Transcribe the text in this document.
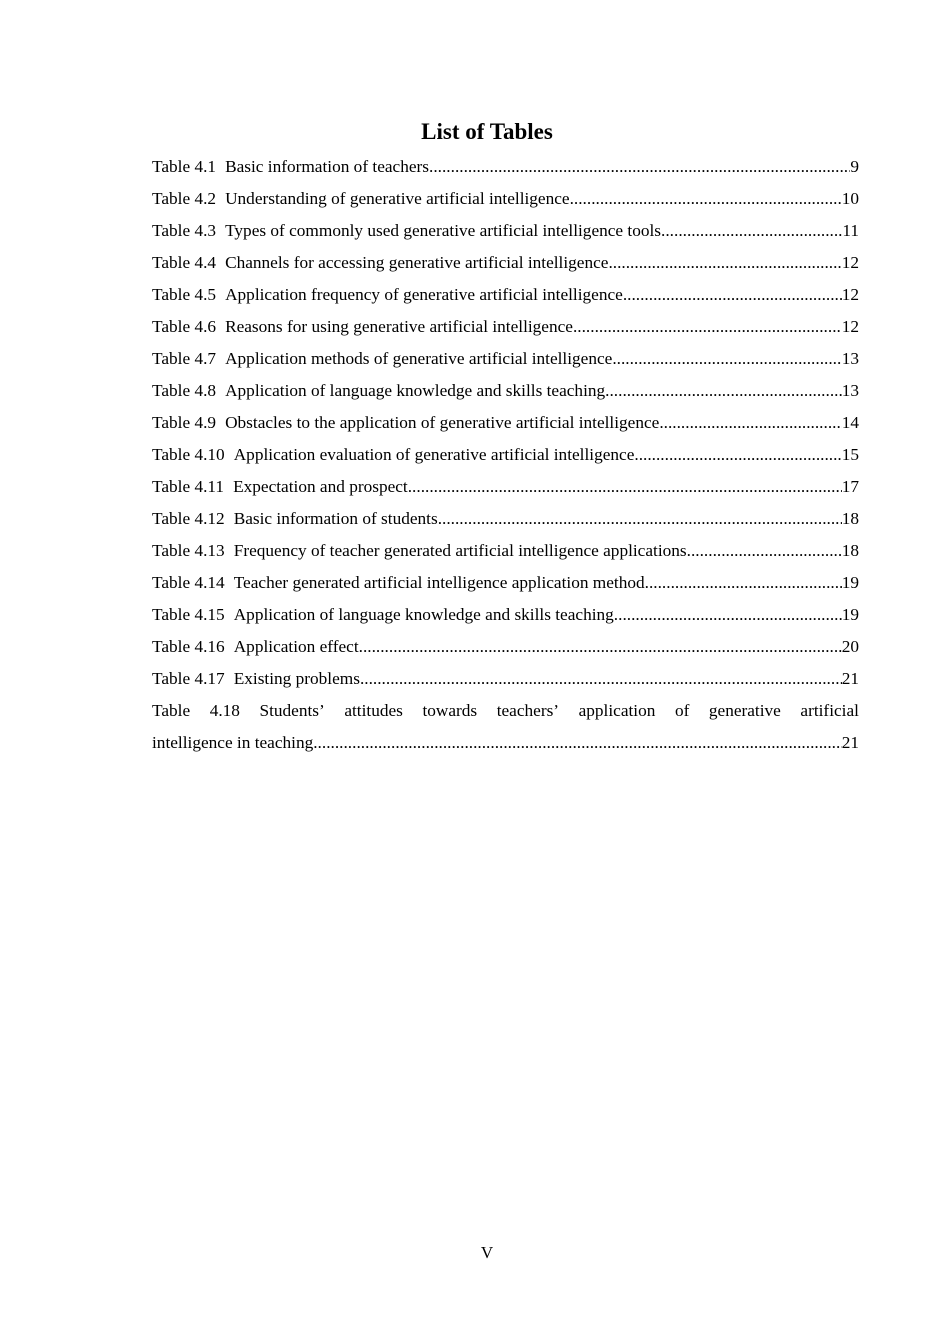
List of Tables
Table 4.1 Basic information of teachers .....	9
Table 4.2 Understanding of generative artificial intelligence .....	10
Table 4.3 Types of commonly used generative artificial intelligence tools .....	11
Table 4.4 Channels for accessing generative artificial intelligence .....	12
Table 4.5 Application frequency of generative artificial intelligence .....	12
Table 4.6 Reasons for using generative artificial intelligence .....	12
Table 4.7 Application methods of generative artificial intelligence .....	13
Table 4.8 Application of language knowledge and skills teaching .....	13
Table 4.9 Obstacles to the application of generative artificial intelligence .....	14
Table 4.10 Application evaluation of generative artificial intelligence .....	15
Table 4.11 Expectation and prospect .....	17
Table 4.12 Basic information of students .....	18
Table 4.13 Frequency of teacher generated artificial intelligence applications .....	18
Table 4.14 Teacher generated artificial intelligence application method .....	19
Table 4.15 Application of language knowledge and skills teaching .....	19
Table 4.16 Application effect .....	20
Table 4.17 Existing problems .....	21
Table 4.18 Students’ attitudes towards teachers’ application of generative artificial
intelligence in teaching .....	21
V
